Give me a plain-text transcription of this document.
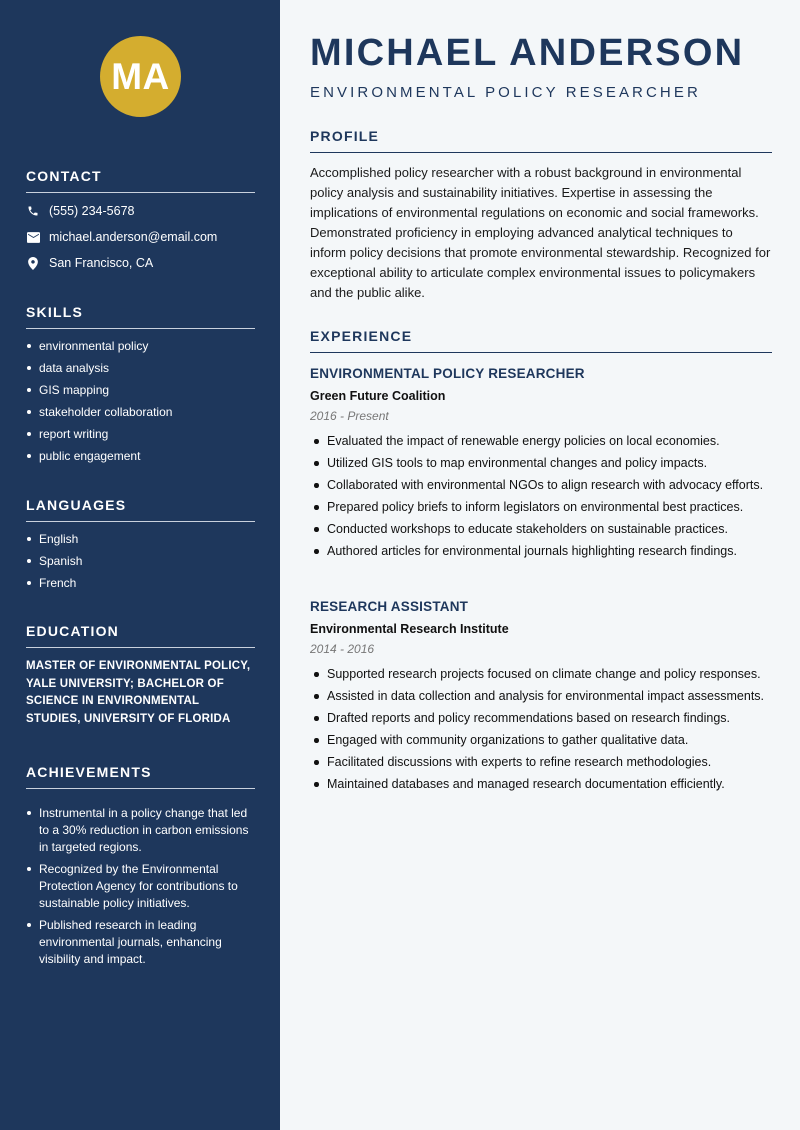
MA
CONTACT
(555) 234-5678
michael.anderson@email.com
San Francisco, CA
SKILLS
environmental policy
data analysis
GIS mapping
stakeholder collaboration
report writing
public engagement
LANGUAGES
English
Spanish
French
EDUCATION
MASTER OF ENVIRONMENTAL POLICY, YALE UNIVERSITY; BACHELOR OF SCIENCE IN ENVIRONMENTAL STUDIES, UNIVERSITY OF FLORIDA
ACHIEVEMENTS
Instrumental in a policy change that led to a 30% reduction in carbon emissions in targeted regions.
Recognized by the Environmental Protection Agency for contributions to sustainable policy initiatives.
Published research in leading environmental journals, enhancing visibility and impact.
MICHAEL ANDERSON
ENVIRONMENTAL POLICY RESEARCHER
PROFILE
Accomplished policy researcher with a robust background in environmental policy analysis and sustainability initiatives. Expertise in assessing the implications of environmental regulations on economic and social frameworks. Demonstrated proficiency in employing advanced analytical techniques to inform policy decisions that promote environmental stewardship. Recognized for exceptional ability to articulate complex environmental issues to policymakers and the public alike.
EXPERIENCE
ENVIRONMENTAL POLICY RESEARCHER
Green Future Coalition
2016 - Present
Evaluated the impact of renewable energy policies on local economies.
Utilized GIS tools to map environmental changes and policy impacts.
Collaborated with environmental NGOs to align research with advocacy efforts.
Prepared policy briefs to inform legislators on environmental best practices.
Conducted workshops to educate stakeholders on sustainable practices.
Authored articles for environmental journals highlighting research findings.
RESEARCH ASSISTANT
Environmental Research Institute
2014 - 2016
Supported research projects focused on climate change and policy responses.
Assisted in data collection and analysis for environmental impact assessments.
Drafted reports and policy recommendations based on research findings.
Engaged with community organizations to gather qualitative data.
Facilitated discussions with experts to refine research methodologies.
Maintained databases and managed research documentation efficiently.
